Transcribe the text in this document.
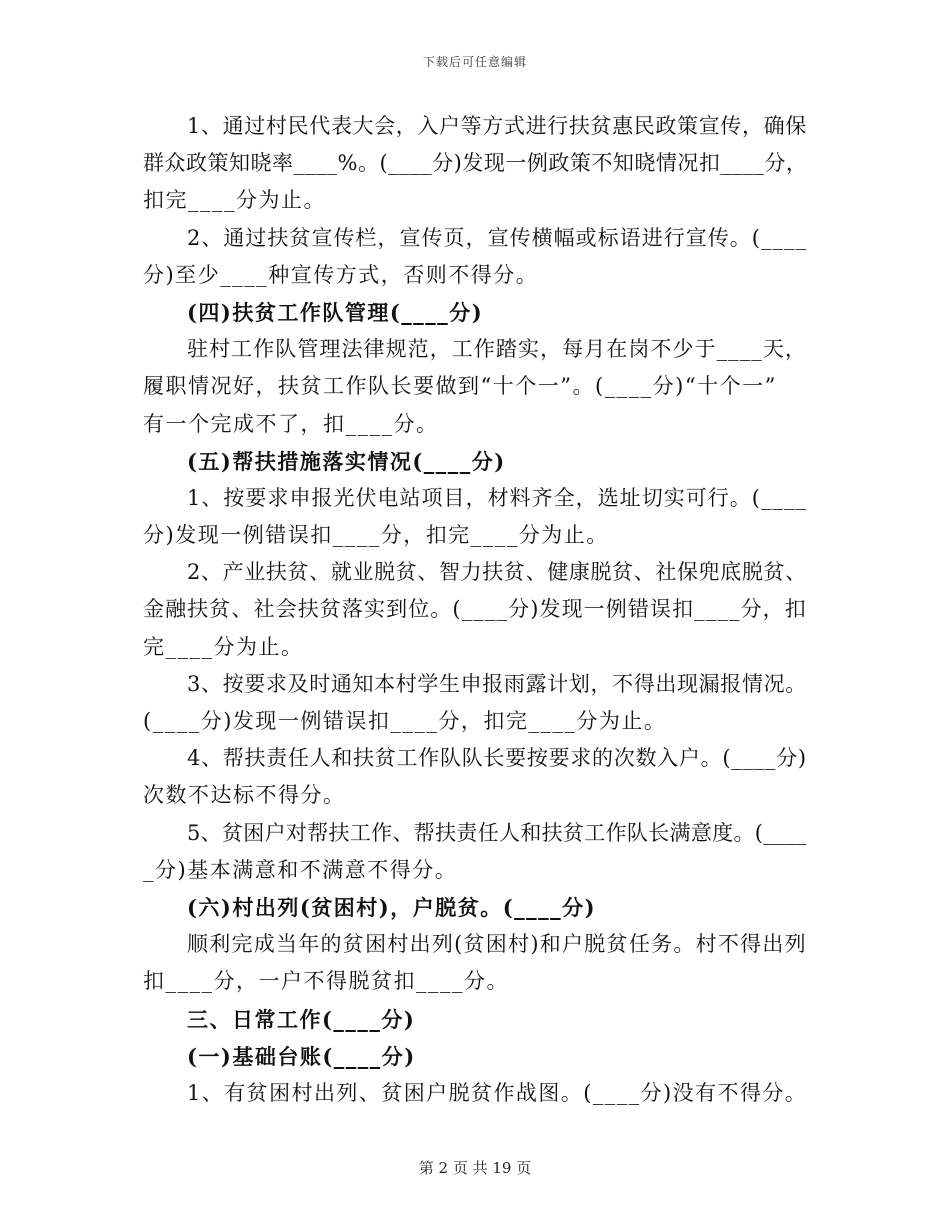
下载后可任意编辑
1、通过村民代表大会，入户等方式进行扶贫惠民政策宣传，确保
群众政策知晓率____%。(____分)发现一例政策不知晓情况扣____分，
扣完____分为止。
2、通过扶贫宣传栏，宣传页，宣传横幅或标语进行宣传。(____
分)至少____种宣传方式，否则不得分。
(四)扶贫工作队管理(____分)
驻村工作队管理法律规范，工作踏实，每月在岗不少于____天，
履职情况好，扶贫工作队长要做到“十个一”。(____分)“十个一”
有一个完成不了，扣____分。
(五)帮扶措施落实情况(____分)
1、按要求申报光伏电站项目，材料齐全，选址切实可行。(____
分)发现一例错误扣____分，扣完____分为止。
2、产业扶贫、就业脱贫、智力扶贫、健康脱贫、社保兜底脱贫、
金融扶贫、社会扶贫落实到位。(____分)发现一例错误扣____分，扣
完____分为止。
3、按要求及时通知本村学生申报雨露计划，不得出现漏报情况。
(____分)发现一例错误扣____分，扣完____分为止。
4、帮扶责任人和扶贫工作队队长要按要求的次数入户。(____分)
次数不达标不得分。
5、贫困户对帮扶工作、帮扶责任人和扶贫工作队长满意度。(____
_分)基本满意和不满意不得分。
(六)村出列(贫困村)，户脱贫。(____分)
顺利完成当年的贫困村出列(贫困村)和户脱贫任务。村不得出列
扣____分，一户不得脱贫扣____分。
三、日常工作(____分)
(一)基础台账(____分)
1、有贫困村出列、贫困户脱贫作战图。(____分)没有不得分。
第 2 页 共 19 页
